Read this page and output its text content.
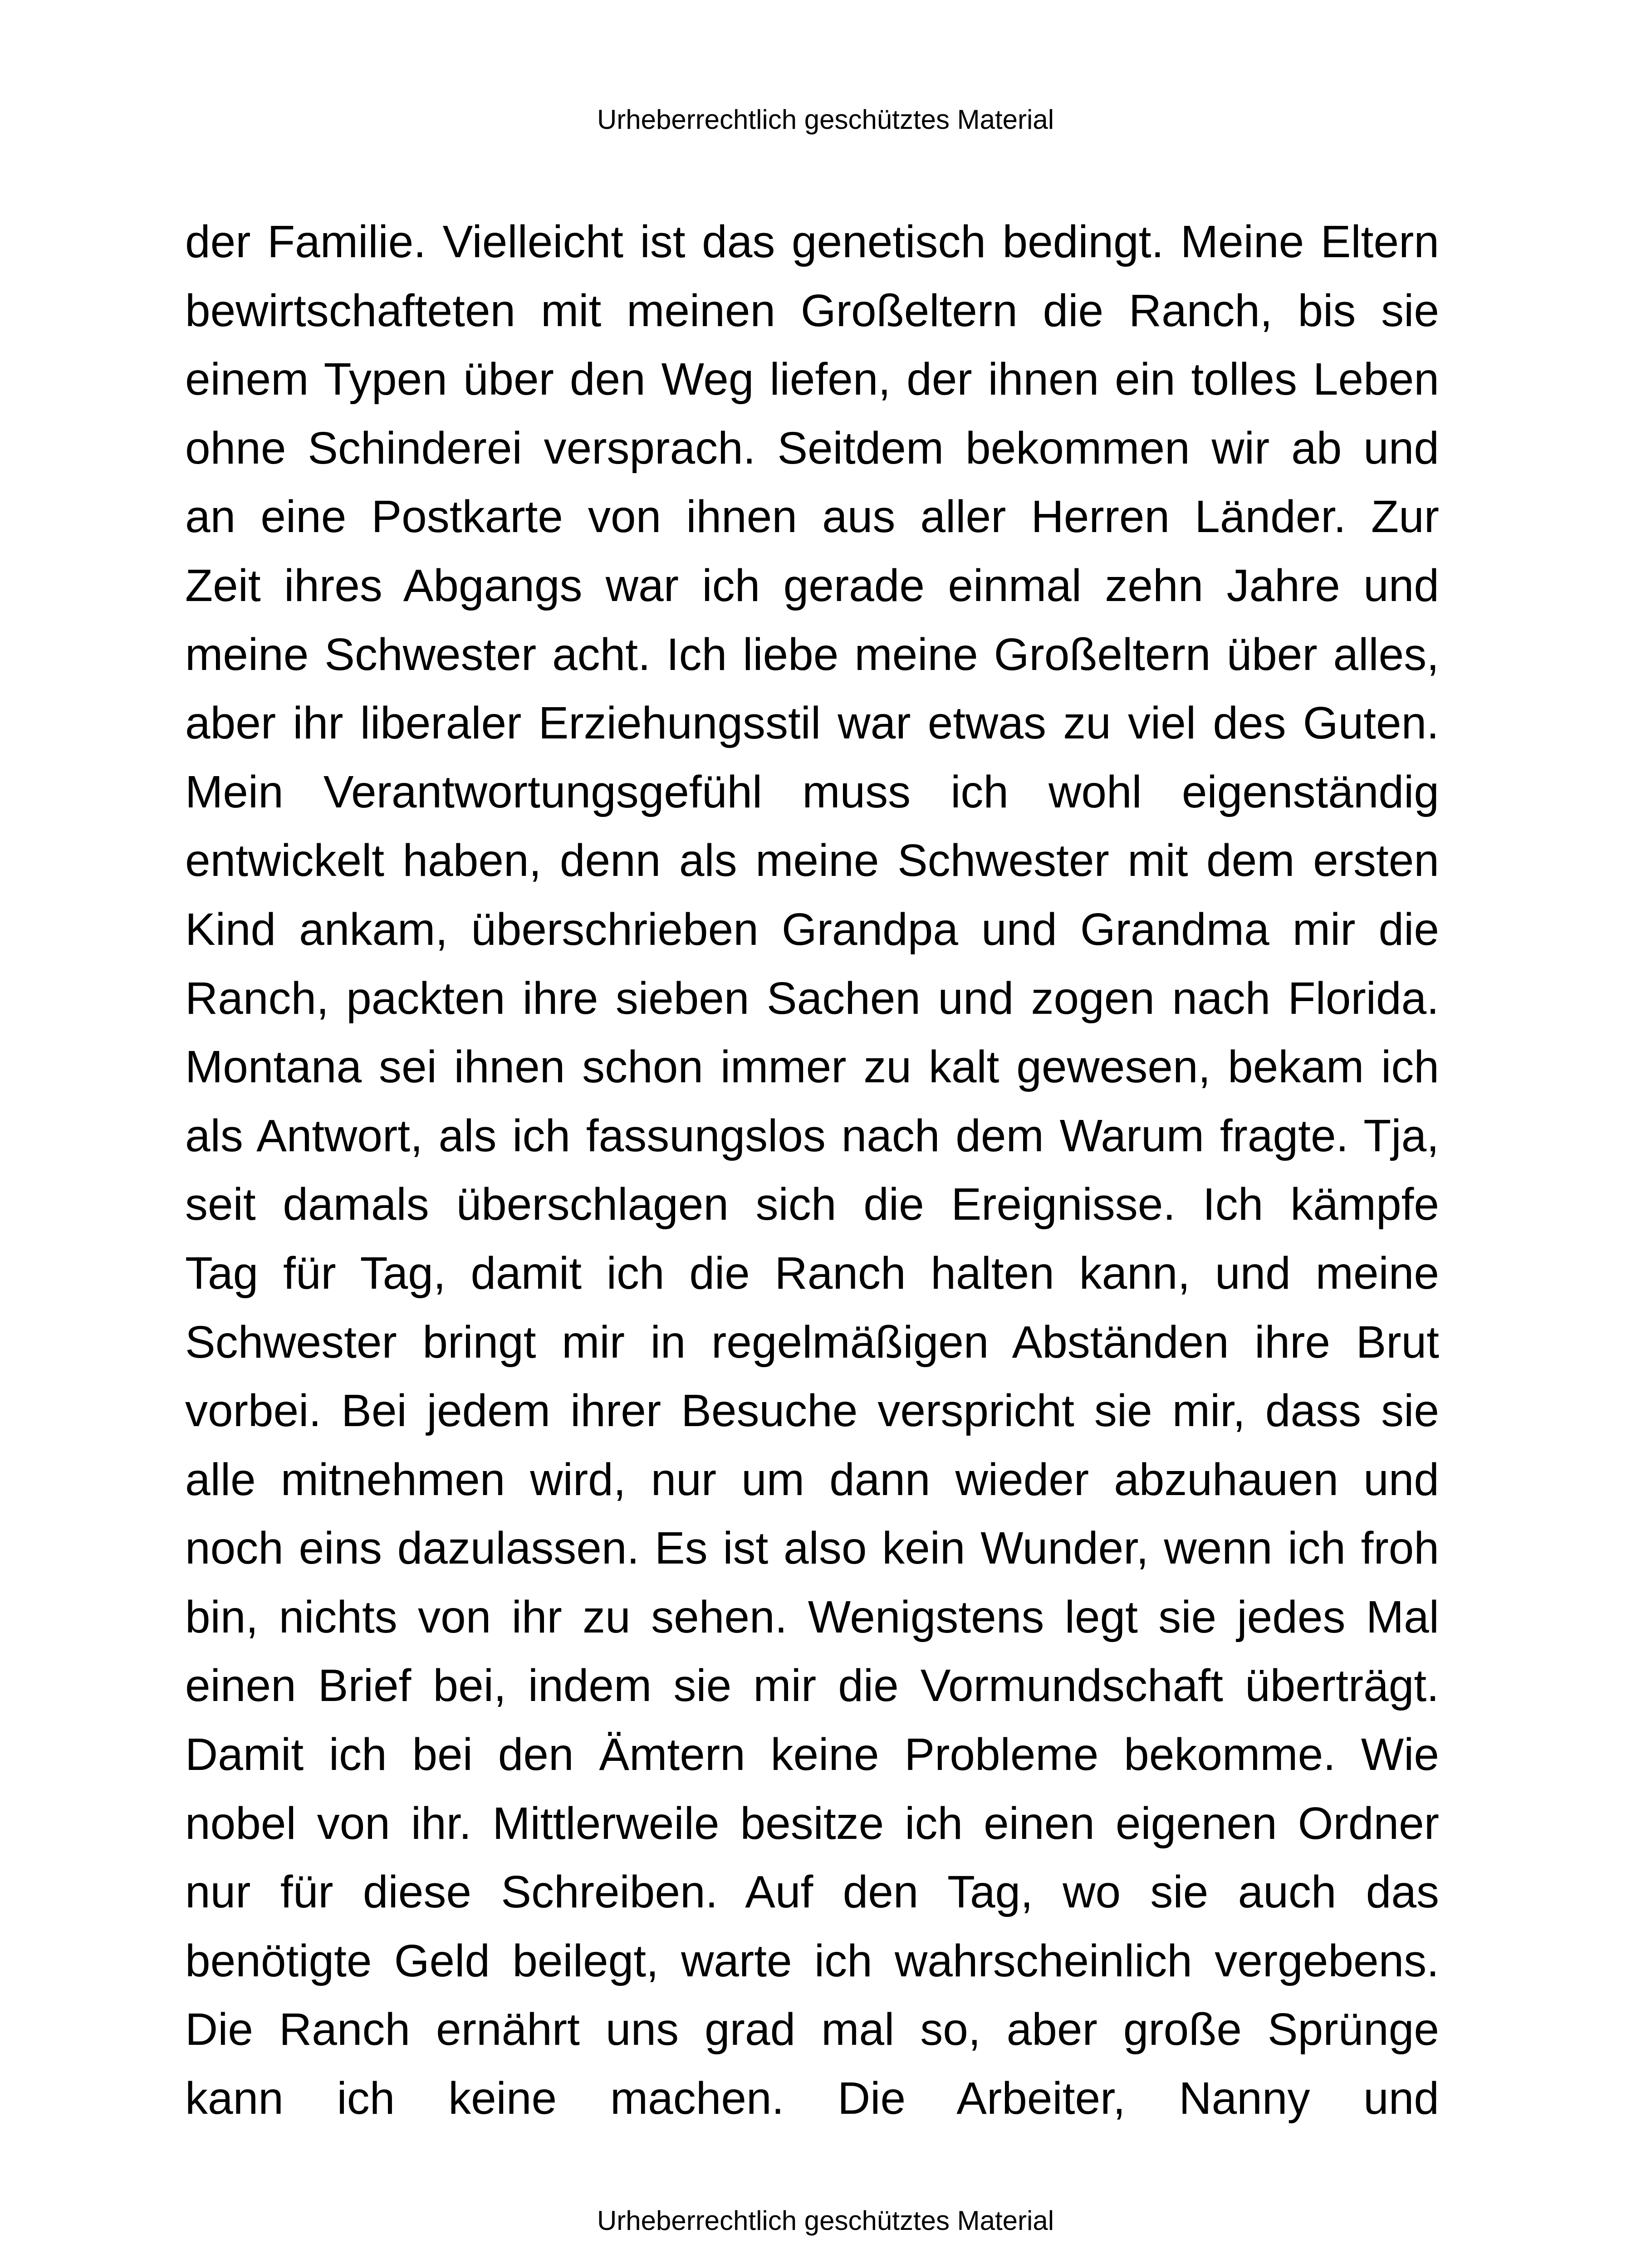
Urheberrechtlich geschütztes Material
der Familie. Vielleicht ist das genetisch bedingt. Meine Eltern
bewirtschafteten mit meinen Großeltern die Ranch, bis sie
einem Typen über den Weg liefen, der ihnen ein tolles Leben
ohne Schinderei versprach. Seitdem bekommen wir ab und
an eine Postkarte von ihnen aus aller Herren Länder. Zur
Zeit ihres Abgangs war ich gerade einmal zehn Jahre und
meine Schwester acht. Ich liebe meine Großeltern über alles,
aber ihr liberaler Erziehungsstil war etwas zu viel des Guten.
Mein Verantwortungsgefühl muss ich wohl eigenständig
entwickelt haben, denn als meine Schwester mit dem ersten
Kind ankam, überschrieben Grandpa und Grandma mir die
Ranch, packten ihre sieben Sachen und zogen nach Florida.
Montana sei ihnen schon immer zu kalt gewesen, bekam ich
als Antwort, als ich fassungslos nach dem Warum fragte. Tja,
seit damals überschlagen sich die Ereignisse. Ich kämpfe
Tag für Tag, damit ich die Ranch halten kann, und meine
Schwester bringt mir in regelmäßigen Abständen ihre Brut
vorbei. Bei jedem ihrer Besuche verspricht sie mir, dass sie
alle mitnehmen wird, nur um dann wieder abzuhauen und
noch eins dazulassen. Es ist also kein Wunder, wenn ich froh
bin, nichts von ihr zu sehen. Wenigstens legt sie jedes Mal
einen Brief bei, indem sie mir die Vormundschaft überträgt.
Damit ich bei den Ämtern keine Probleme bekomme. Wie
nobel von ihr. Mittlerweile besitze ich einen eigenen Ordner
nur für diese Schreiben. Auf den Tag, wo sie auch das
benötigte Geld beilegt, warte ich wahrscheinlich vergebens.
Die Ranch ernährt uns grad mal so, aber große Sprünge
kann ich keine machen. Die Arbeiter, Nanny und
Urheberrechtlich geschütztes Material
